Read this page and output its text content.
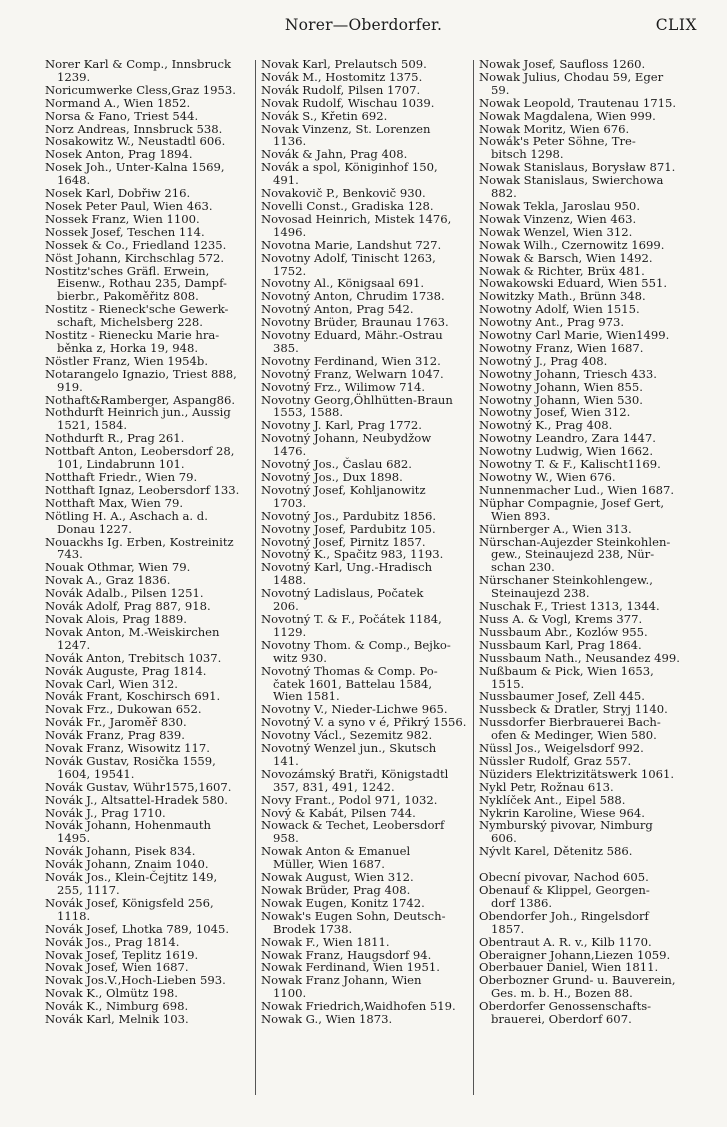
Norer—Oberdorfer.	CLIX
Norer Karl & Comp., Innsbruck
1239.
Noricumwerke Cless,Graz 1953.
Normand A., Wien 1852.
Norsa & Fano, Triest 544.
Norz Andreas, Innsbruck 538.
Nosakowitz W., Neustadtl 606.
Nosek Anton, Prag 1894.
Nosek Joh., Unter-Kalna 1569,
1648.
Nosek Karl, Dobřiw 216.
Nosek Peter Paul, Wien 463.
Nossek Franz, Wien 1100.
Nossek Josef, Teschen 114.
Nossek & Co., Friedland 1235.
Nöst Johann, Kirchschlag 572.
Nostitz'sches Gräfl. Erwein,
Eisenw., Rothau 235, Dampf-
bierbr., Pakoměřitz 808.
Nostitz - Rieneck'sche Gewerk-
schaft, Michelsberg 228.
Nostitz - Rienecku Marie hra-
běnka z, Horka 19, 948.
Nöstler Franz, Wien 1954b.
Notarangelo Ignazio, Triest 888,
919.
Nothaft&Ramberger, Aspang86.
Nothdurft Heinrich jun., Aussig
1521, 1584.
Nothdurft R., Prag 261.
Nottbaft Anton, Leobersdorf 28,
101, Lindabrunn 101.
Notthaft Friedr., Wien 79.
Notthaft Ignaz, Leobersdorf 133.
Notthaft Max, Wien 79.
Nötling H. A., Aschach a. d.
Donau 1227.
Nouackhs Ig. Erben, Kostreinitz
743.
Nouak Othmar, Wien 79.
Novak A., Graz 1836.
Novák Adalb., Pilsen 1251.
Novák Adolf, Prag 887, 918.
Novak Alois, Prag 1889.
Novak Anton, M.-Weiskirchen
1247.
Novák Anton, Trebitsch 1037.
Novák Auguste, Prag 1814.
Novak Carl, Wien 312.
Novák Frant, Koschirsch 691.
Novak Frz., Dukowan 652.
Novák Fr., Jaroměř 830.
Novák Franz, Prag 839.
Novak Franz, Wisowitz 117.
Novák Gustav, Rosička 1559,
1604, 19541.
Novák Gustav, Wühr1575,1607.
Novák J., Altsattel-Hradek 580.
Novák J., Prag 1710.
Novák Johann, Hohenmauth
1495.
Novák Johann, Pisek 834.
Novák Johann, Znaim 1040.
Novák Jos., Klein-Čejtitz 149,
255, 1117.
Novák Josef, Königsfeld 256,
1118.
Novák Josef, Lhotka 789, 1045.
Novák Jos., Prag 1814.
Novak Josef, Teplitz 1619.
Novak Josef, Wien 1687.
Novak Jos.V.,Hoch-Lieben 593.
Novak K., Olmütz 198.
Novák K., Nimburg 698.
Novák Karl, Melnik 103.
Novak Karl, Prelautsch 509.
Novák M., Hostomitz 1375.
Novák Rudolf, Pilsen 1707.
Novak Rudolf, Wischau 1039.
Novák S., Křetin 692.
Novak Vinzenz, St. Lorenzen
1136.
Novák & Jahn, Prag 408.
Novák a spol, Königinhof 150,
491.
Novakovič P., Benkovič 930.
Novelli Const., Gradiska 128.
Novosad Heinrich, Mistek 1476,
1496.
Novotna Marie, Landshut 727.
Novotny Adolf, Tinischt 1263,
1752.
Novotny Al., Königsaal 691.
Novotný Anton, Chrudim 1738.
Novotný Anton, Prag 542.
Novotny Brüder, Braunau 1763.
Novotny Eduard, Mähr.-Ostrau
385.
Novotny Ferdinand, Wien 312.
Novotný Franz, Welwarn 1047.
Novotný Frz., Wilimow 714.
Novotny Georg,Öhlhütten-Braun
1553, 1588.
Novotny J. Karl, Prag 1772.
Novotný Johann, Neubydžow
1476.
Novotný Jos., Časlau 682.
Novotný Jos., Dux 1898.
Novotný Josef, Kohljanowitz
1703.
Novotný Jos., Pardubitz 1856.
Novotny Josef, Pardubitz 105.
Novotný Josef, Pirnitz 1857.
Novotný K., Spačitz 983, 1193.
Novotný Karl, Ung.-Hradisch
1488.
Novotný Ladislaus, Počatek
206.
Novotný T. & F., Počátek 1184,
1129.
Novotny Thom. & Comp., Bejko-
witz 930.
Novotný Thomas & Comp. Po-
čatek 1601, Battelau 1584,
Wien 1581.
Novotny V., Nieder-Lichwe 965.
Novotný V. a syno v é, Přikrý 1556.
Novotny Václ., Sezemitz 982.
Novotný Wenzel jun., Skutsch
141.
Novozámský Bratři, Königstadtl
357, 831, 491, 1242.
Novy Frant., Podol 971, 1032.
Nový & Kabát, Pilsen 744.
Nowack & Techet, Leobersdorf
958.
Nowak Anton & Emanuel
Müller, Wien 1687.
Nowak August, Wien 312.
Nowak Brüder, Prag 408.
Nowak Eugen, Konitz 1742.
Nowak's Eugen Sohn, Deutsch-
Brodek 1738.
Nowak F., Wien 1811.
Nowak Franz, Haugsdorf 94.
Nowak Ferdinand, Wien 1951.
Nowak Franz Johann, Wien
1100.
Nowak Friedrich,Waidhofen 519.
Nowak G., Wien 1873.
Nowak Josef, Saufloss 1260.
Nowak Julius, Chodau 59, Eger
59.
Nowak Leopold, Trautenau 1715.
Nowak Magdalena, Wien 999.
Nowak Moritz, Wien 676.
Nowák's Peter Söhne, Tre-
bitsch 1298.
Nowak Stanislaus, Borysław 871.
Nowak Stanislaus, Swierchowa
882.
Nowak Tekla, Jaroslau 950.
Nowak Vinzenz, Wien 463.
Nowak Wenzel, Wien 312.
Nowak Wilh., Czernowitz 1699.
Nowak & Barsch, Wien 1492.
Nowak & Richter, Brüx 481.
Nowakowski Eduard, Wien 551.
Nowitzky Math., Brünn 348.
Nowotny Adolf, Wien 1515.
Nowotny Ant., Prag 973.
Nowotny Carl Marie, Wien1499.
Nowotny Franz, Wien 1687.
Nowotný J., Prag 408.
Nowotny Johann, Triesch 433.
Nowotny Johann, Wien 855.
Nowotny Johann, Wien 530.
Nowotny Josef, Wien 312.
Nowotný K., Prag 408.
Nowotny Leandro, Zara 1447.
Nowotny Ludwig, Wien 1662.
Nowotny T. & F., Kalischt1169.
Nowotny W., Wien 676.
Nunnenmacher Lud., Wien 1687.
Nüphar Compagnie, Josef Gert,
Wien 893.
Nürnberger A., Wien 313.
Nürschan-Aujezder Steinkohlen-
gew., Steinaujezd 238, Nür-
schan 230.
Nürschaner Steinkohlengew.,
Steinaujezd 238.
Nuschak F., Triest 1313, 1344.
Nuss A. & Vogl, Krems 377.
Nussbaum Abr., Kozlów 955.
Nussbaum Karl, Prag 1864.
Nussbaum Nath., Neusandez 499.
Nußbaum & Pick, Wien 1653,
1515.
Nussbaumer Josef, Zell 445.
Nussbeck & Dratler, Stryj 1140.
Nussdorfer Bierbrauerei Bach-
ofen & Medinger, Wien 580.
Nüssl Jos., Weigelsdorf 992.
Nüssler Rudolf, Graz 557.
Nüziders Elektrizitätswerk 1061.
Nykl Petr, Rožnau 613.
Nyklíček Ant., Eipel 588.
Nykrin Karoline, Wiese 964.
Nymburský pivovar, Nimburg
606.
Nývlt Karel, Dětenitz 586.
Obecní pivovar, Nachod 605.
Obenauf & Klippel, Georgen-
dorf 1386.
Obendorfer Joh., Ringelsdorf
1857.
Obentraut A. R. v., Kilb 1170.
Oberaigner Johann,Liezen 1059.
Oberbauer Daniel, Wien 1811.
Oberbozner Grund- u. Bauverein,
Ges. m. b. H., Bozen 88.
Oberdorfer Genossenschafts-
brauerei, Oberdorf 607.
